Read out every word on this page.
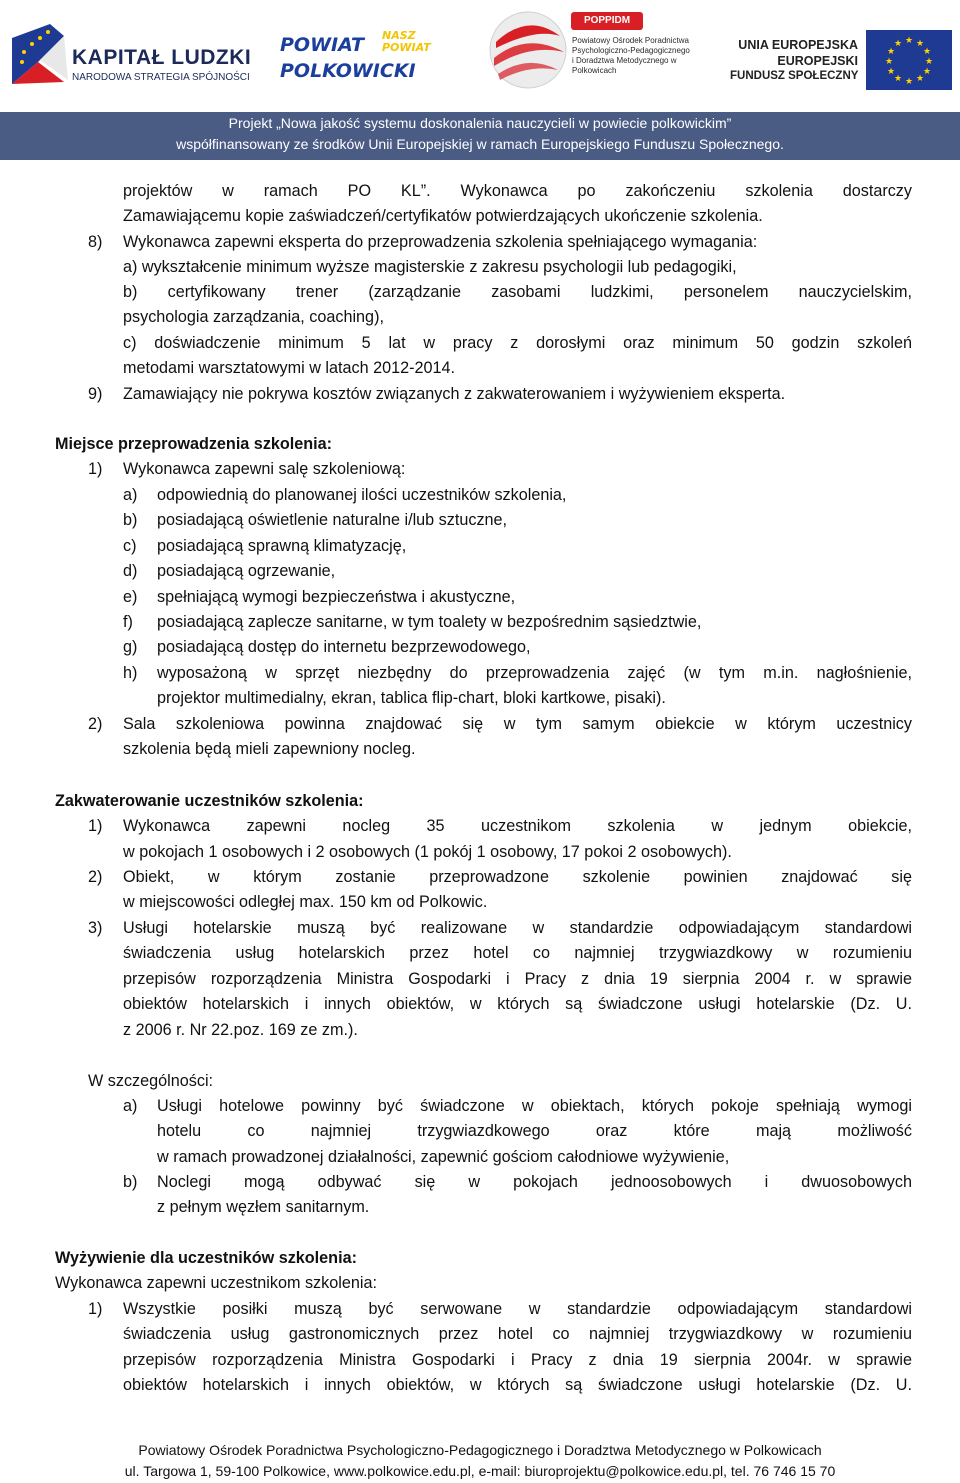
KAPITAŁ LUDZKI
NARODOWA STRATEGIA SPÓJNOŚCI
POWIAT
POLKOWICKI
NASZ POWIAT
POPPIDM
Powiatowy Ośrodek Poradnictwa Psychologiczno-Pedagogicznego i Doradztwa Metodycznego w Polkowicach
UNIA EUROPEJSKA
EUROPEJSKI
FUNDUSZ SPOŁECZNY
★ ★
★
★
★
★
★
★
★
★
★
★
Projekt „Nowa jakość systemu doskonalenia nauczycieli w powiecie polkowickim”
współfinansowany ze środków Unii Europejskiej w ramach Europejskiego Funduszu Społecznego.
projektów w ramach PO KL”. Wykonawca po zakończeniu szkolenia dostarczy
Zamawiającemu kopie zaświadczeń/certyfikatów potwierdzających ukończenie szkolenia.
8) Wykonawca zapewni eksperta do przeprowadzenia szkolenia spełniającego wymagania:
a) wykształcenie minimum wyższe magisterskie z zakresu psychologii lub pedagogiki,
b) certyfikowany trener (zarządzanie zasobami ludzkimi, personelem nauczycielskim,
psychologia zarządzania, coaching),
c) doświadczenie minimum 5 lat w pracy z dorosłymi oraz minimum 50 godzin szkoleń
metodami warsztatowymi w latach 2012-2014.
9) Zamawiający nie pokrywa kosztów związanych z zakwaterowaniem i wyżywieniem eksperta.
Miejsce przeprowadzenia szkolenia:
1) Wykonawca zapewni salę szkoleniową:
a) odpowiednią do planowanej ilości uczestników szkolenia,
b) posiadającą oświetlenie naturalne i/lub sztuczne,
c) posiadającą sprawną klimatyzację,
d) posiadającą ogrzewanie,
e) spełniającą wymogi bezpieczeństwa i akustyczne,
f) posiadającą zaplecze sanitarne, w tym toalety w bezpośrednim sąsiedztwie,
g) posiadającą dostęp do internetu bezprzewodowego,
h) wyposażoną w sprzęt niezbędny do przeprowadzenia zajęć (w tym m.in. nagłośnienie,
projektor multimedialny, ekran, tablica flip-chart, bloki kartkowe, pisaki).
2) Sala szkoleniowa powinna znajdować się w tym samym obiekcie w którym uczestnicy
szkolenia będą mieli zapewniony nocleg.
Zakwaterowanie uczestników szkolenia:
1) Wykonawca zapewni nocleg 35 uczestnikom szkolenia w jednym obiekcie,
w pokojach 1 osobowych i 2 osobowych (1 pokój 1 osobowy, 17 pokoi 2 osobowych).
2) Obiekt, w którym zostanie przeprowadzone szkolenie powinien znajdować się
w miejscowości odległej max. 150 km od Polkowic.
3) Usługi hotelarskie muszą być realizowane w standardzie odpowiadającym standardowi
świadczenia usług hotelarskich przez hotel co najmniej trzygwiazdkowy w rozumieniu
przepisów rozporządzenia Ministra Gospodarki i Pracy z dnia 19 sierpnia 2004 r. w sprawie
obiektów hotelarskich i innych obiektów, w których są świadczone usługi hotelarskie (Dz. U.
z 2006 r. Nr 22.poz. 169 ze zm.).
W szczególności:
a) Usługi hotelowe powinny być świadczone w obiektach, których pokoje spełniają wymogi
hotelu co najmniej trzygwiazdkowego oraz które mają możliwość
w ramach prowadzonej działalności, zapewnić gościom całodniowe wyżywienie,
b) Noclegi mogą odbywać się w pokojach jednoosobowych i dwuosobowych
z pełnym węzłem sanitarnym.
Wyżywienie dla uczestników szkolenia:
Wykonawca zapewni uczestnikom szkolenia:
1) Wszystkie posiłki muszą być serwowane w standardzie odpowiadającym standardowi
świadczenia usług gastronomicznych przez hotel co najmniej trzygwiazdkowy w rozumieniu
przepisów rozporządzenia Ministra Gospodarki i Pracy z dnia 19 sierpnia 2004r. w sprawie
obiektów hotelarskich i innych obiektów, w których są świadczone usługi hotelarskie (Dz. U.
Powiatowy Ośrodek Poradnictwa Psychologiczno-Pedagogicznego i Doradztwa Metodycznego w Polkowicach
ul. Targowa 1, 59-100 Polkowice, www.polkowice.edu.pl, e-mail: biuroprojektu@polkowice.edu.pl, tel. 76 746 15 70
